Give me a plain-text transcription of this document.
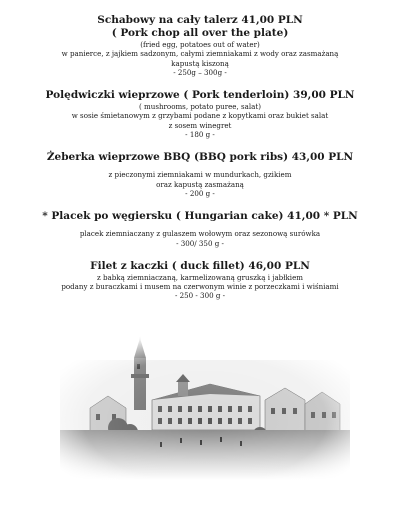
Schabowy na cały talerz 41,00 PLN
( Pork chop all over the plate)
(fried egg, potatoes out of water)
w panierce, z jajkiem sadzonym, całymi ziemniakami z wody oraz zasmażaną
kapustą kiszoną
- 250g – 300g -
Polędwiczki wieprzowe ( Pork tenderloin) 39,00 PLN
( mushrooms, potato puree, salat)
w sosie śmietanowym z grzybami podane z kopytkami oraz bukiet salat
z sosem winegret
- 180 g -
Żeberka wieprzowe BBQ (BBQ pork ribs) 43,00 PLN
z pieczonymi ziemniakami w mundurkach, gzikiem
oraz kapustą zasmażaną
- 200 g -
* Placek po węgiersku ( Hungarian cake) 41,00 * PLN
placek ziemniaczany z gulaszem wołowym oraz sezonową surówka
- 300/ 350 g -
Filet z kaczki ( duck fillet) 46,00 PLN
z babką ziemniaczaną, karmelizowaną gruszką i jabłkiem
podany z buraczkami i musem na czerwonym winie z porzeczkami i wiśniami
- 250 - 300 g -
